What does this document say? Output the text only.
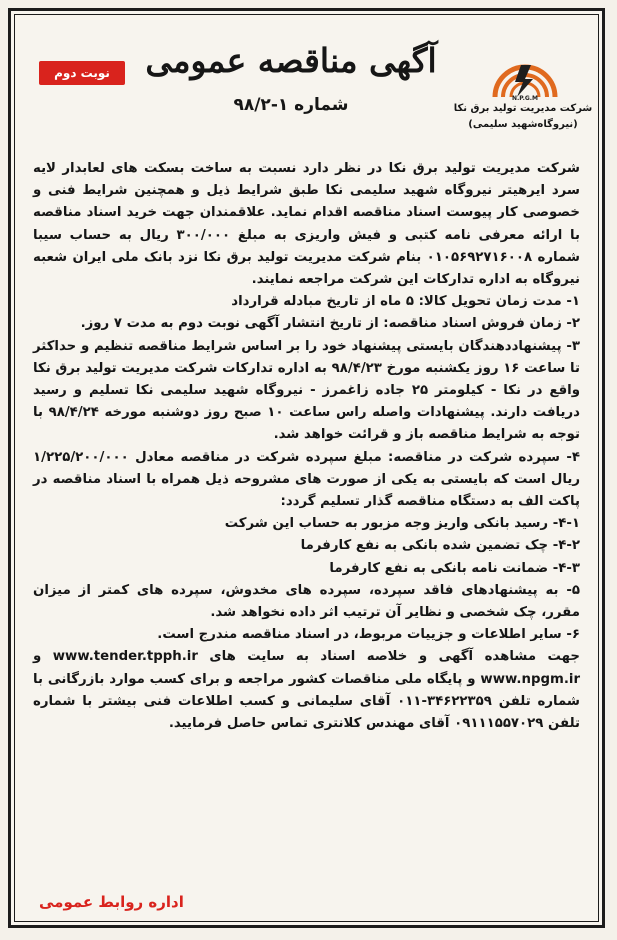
نوبت دوم	آگهی مناقصه عمومی
شماره ۱-۹۸/۲	N.P.G.M
شرکت مدیریت تولید برق نکا
(نیروگاه‌شهید سلیمی)

شرکت مدیریت تولید برق نکا در نظر دارد نسبت به ساخت بسکت های لعابدار لایه سرد ایرهیتر نیروگاه شهید سلیمی نکا طبق شرایط ذیل و همچنین شرایط فنی و خصوصی کار پیوست اسناد مناقصه اقدام نماید. علاقمندان جهت خرید اسناد مناقصه با ارائه معرفی نامه کتبی و فیش واریزی به مبلغ ۳۰۰/۰۰۰ ریال به حساب سیبا شماره ۰۱۰۵۶۹۲۷۱۶۰۰۸ بنام شرکت مدیریت تولید برق نکا نزد بانک ملی ایران شعبه نیروگاه به اداره تدارکات این شرکت مراجعه نمایند.

۱- مدت زمان تحویل کالا: ۵ ماه از تاریخ مبادله قرارداد

۲- زمان فروش اسناد مناقصه: از تاریخ انتشار آگهی نوبت دوم به مدت ۷ روز.

۳- پیشنهاددهندگان بایستی پیشنهاد خود را بر اساس شرایط مناقصه تنظیم و حداکثر تا ساعت ۱۶ روز یکشنبه مورخ ۹۸/۴/۲۳ به اداره تدارکات شرکت مدیریت تولید برق نکا واقع در نکا - کیلومتر ۲۵ جاده زاغمرز - نیروگاه شهید سلیمی نکا تسلیم و رسید دریافت دارند. پیشنهادات واصله راس ساعت ۱۰ صبح روز دوشنبه مورخه ۹۸/۴/۲۴ با توجه به شرایط مناقصه باز و قرائت خواهد شد.

۴- سپرده شرکت در مناقصه: مبلغ سپرده شرکت در مناقصه معادل ۱/۲۲۵/۲۰۰/۰۰۰ ریال است که بایستی به یکی از صورت های مشروحه ذیل همراه با اسناد مناقصه در پاکت الف به دستگاه مناقصه گذار تسلیم گردد:

۴-۱- رسید بانکی واریز وجه مزبور به حساب این شرکت

۴-۲- چک تضمین شده بانکی به نفع کارفرما

۴-۳- ضمانت نامه بانکی به نفع کارفرما

۵- به پیشنهادهای فاقد سپرده، سپرده های مخدوش، سپرده های کمتر از میزان مقرر، چک شخصی و نظایر آن ترتیب اثر داده نخواهد شد.

۶- سایر اطلاعات و جزییات مربوط، در اسناد مناقصه مندرج است.

جهت مشاهده آگهی و خلاصه اسناد به سایت های www.tender.tpph.ir و www.npgm.ir و پایگاه ملی مناقصات کشور مراجعه و برای کسب موارد بازرگانی با شماره تلفن ۳۴۶۲۲۳۵۹-۰۱۱ آقای سلیمانی و کسب اطلاعات فنی بیشتر با شماره تلفن ۰۹۱۱۱۵۵۷۰۲۹ آقای مهندس کلانتری تماس حاصل فرمایید.

اداره روابط عمومی
